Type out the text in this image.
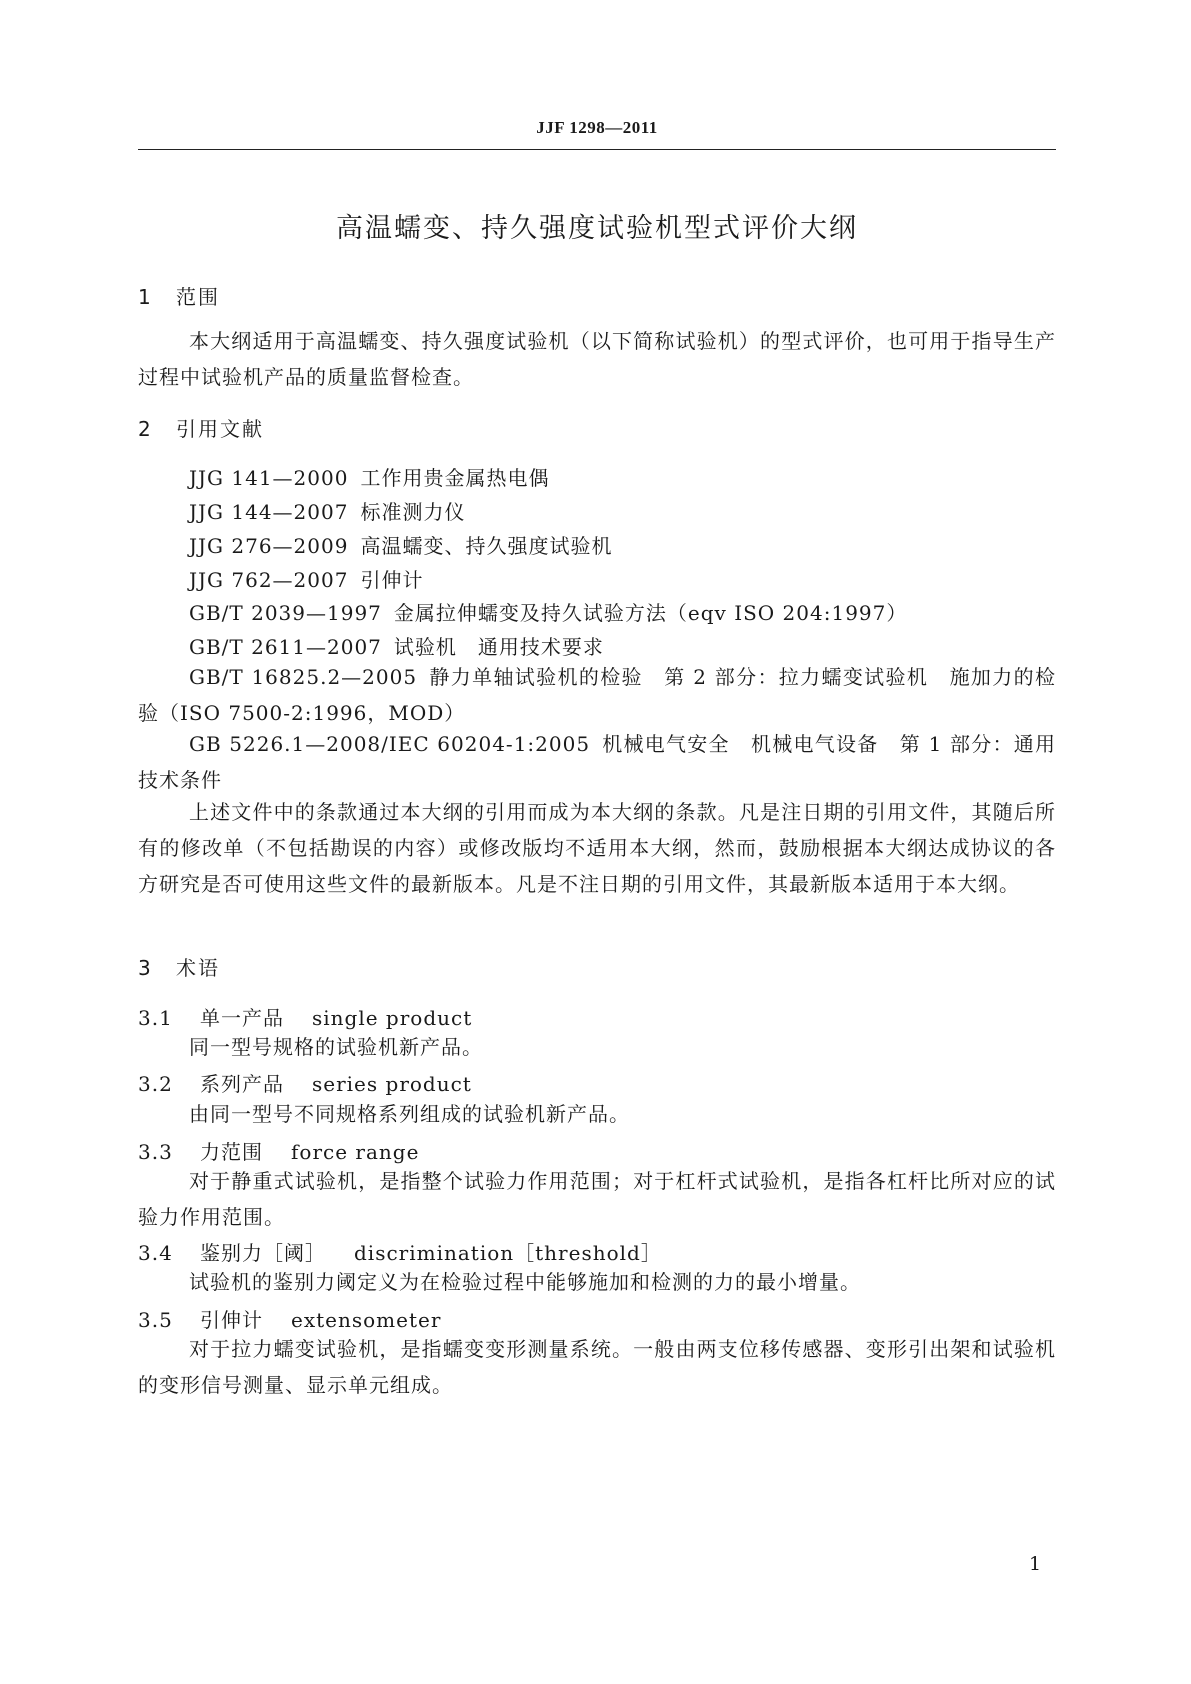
JJF 1298—2011
高温蠕变、持久强度试验机型式评价大纲
1 范围
本大纲适用于高温蠕变、持久强度试验机（以下简称试验机）的型式评价，也可用于指导生产过程中试验机产品的质量监督检查。
2 引用文献
JJG 141—2000 工作用贵金属热电偶
JJG 144—2007 标准测力仪
JJG 276—2009 高温蠕变、持久强度试验机
JJG 762—2007 引伸计
GB/T 2039—1997 金属拉伸蠕变及持久试验方法（eqv ISO 204:1997）
GB/T 2611—2007 试验机　通用技术要求
GB/T 16825.2—2005 静力单轴试验机的检验　第 2 部分：拉力蠕变试验机　施加力的检验（ISO 7500-2:1996，MOD）
GB 5226.1—2008/IEC 60204-1:2005 机械电气安全　机械电气设备　第 1 部分：通用技术条件
上述文件中的条款通过本大纲的引用而成为本大纲的条款。凡是注日期的引用文件，其随后所有的修改单（不包括勘误的内容）或修改版均不适用本大纲，然而，鼓励根据本大纲达成协议的各方研究是否可使用这些文件的最新版本。凡是不注日期的引用文件，其最新版本适用于本大纲。
3 术语
3.1 单一产品 single product
同一型号规格的试验机新产品。
3.2 系列产品 series product
由同一型号不同规格系列组成的试验机新产品。
3.3 力范围 force range
对于静重式试验机，是指整个试验力作用范围；对于杠杆式试验机，是指各杠杆比所对应的试验力作用范围。
3.4 鉴别力［阈］ discrimination［threshold］
试验机的鉴别力阈定义为在检验过程中能够施加和检测的力的最小增量。
3.5 引伸计 extensometer
对于拉力蠕变试验机，是指蠕变变形测量系统。一般由两支位移传感器、变形引出架和试验机的变形信号测量、显示单元组成。
1
